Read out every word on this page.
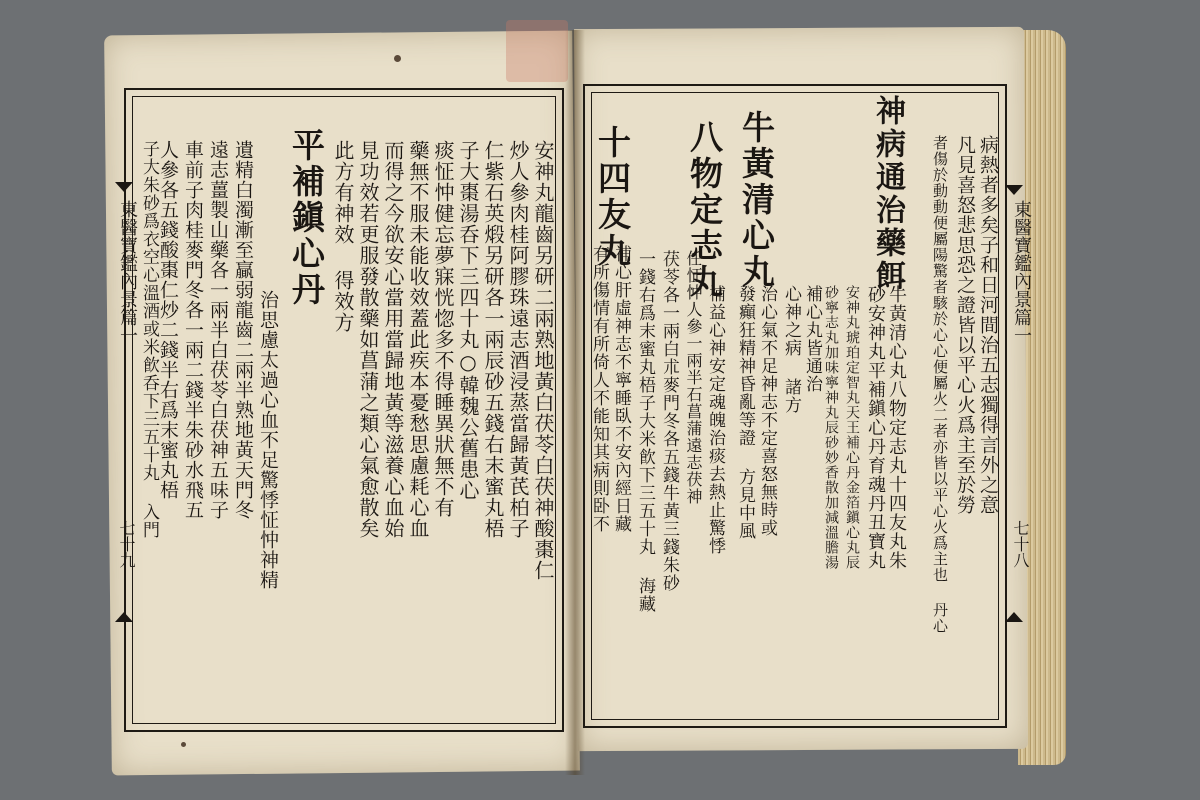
東醫寶鑑內景篇一
七十九	安神丸龍齒另研二兩熟地黃白茯苓白茯神酸棗仁
炒人參肉桂阿膠珠遠志酒浸蒸當歸黃芪柏子
仁紫石英煅另研各一兩辰砂五錢右末蜜丸梧
子大棗湯呑下三四十丸○韓魏公舊患心
痰怔忡健忘夢寐恍惚多不得睡異狀無不有
藥無不服未能收效蓋此疾本憂愁思慮耗心血
而得之今欲安心當用當歸地黃等滋養心血始
見功效若更服發散藥如菖蒲之類心氣愈散矣
此方有神效 得效方
平補鎭心丹
治思慮太過心血不足驚悸怔忡神精
遺精白濁漸至贏弱龍齒二兩半熟地黃天門冬
遠志薑製山藥各一兩半白茯苓白茯神五味子
車前子肉桂麥門冬各一兩二錢半朱砂水飛五
人參各五錢酸棗仁炒二錢半右爲末蜜丸梧
子大朱砂爲衣空心溫酒或米飮呑下三五十丸 入門	東醫寶鑑內景篇一
七十八
病熱者多矣子和日河間治五志獨得言外之意
凡見喜怒悲思恐之證皆以平心火爲主至於勞
者傷於動動便屬陽驚者駭於心心便屬火二者亦皆以平心火爲主也 丹心
神病通治藥餌
牛黃清心丸八物定志丸十四友丸朱
砂安神丸平補鎭心丹育魂丹丑寶丸
安神丸琥珀定智丸天王補心丹金箔鎭心丸辰
砂寧志丸加味寧神丸辰砂妙香散加減溫膽湯
補心丸皆通治
心神之病 諸方
牛黃清心丸
治心氣不足神志不定喜怒無時或
發癲狂精神昏亂等證 方見中風
八物定志丸
補益心神安定魂魄治痰去熱止驚悸
茯苓各一兩白朮麥門冬各五錢牛黃三錢朱砂 任怔忡人參一兩半石菖蒲遠志茯神
一錢右爲末蜜丸梧子大米飮下三五十丸 海藏
十四友丸
補心肝虛神志不寧睡臥不安內經日藏
有所傷情有所倚人不能知其病則卧不
